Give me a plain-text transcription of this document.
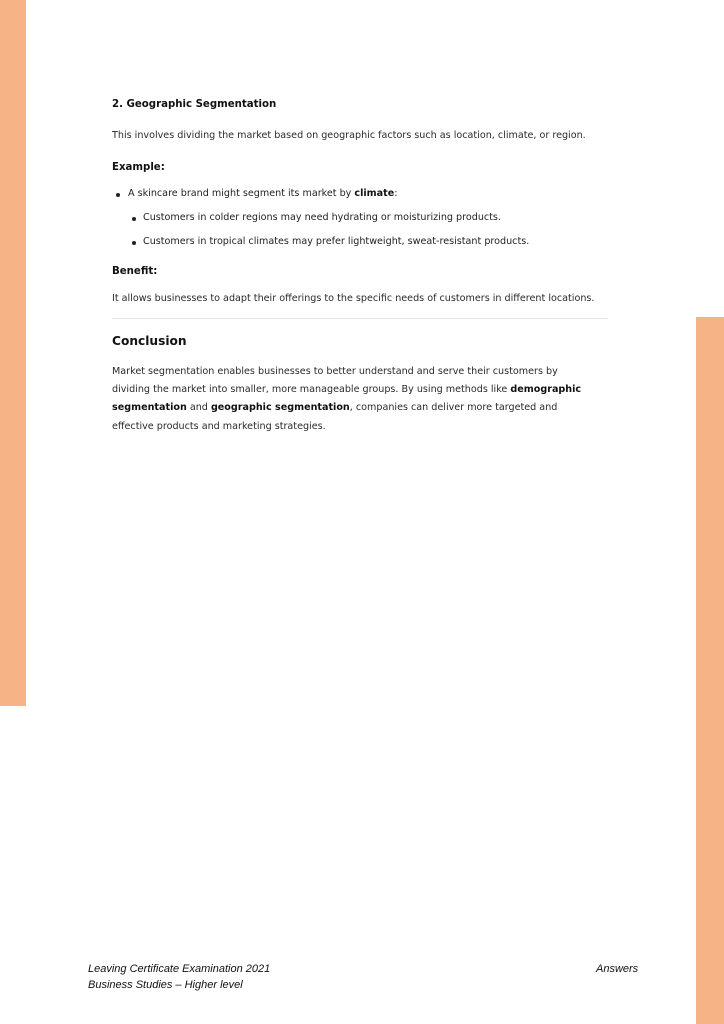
2. Geographic Segmentation

This involves dividing the market based on geographic factors such as location, climate, or region.

Example:
A skincare brand might segment its market by climate:
Customers in colder regions may need hydrating or moisturizing products.
Customers in tropical climates may prefer lightweight, sweat-resistant products.
Benefit:

It allows businesses to adapt their offerings to the specific needs of customers in different locations.

Conclusion

Market segmentation enables businesses to better understand and serve their customers by dividing the market into smaller, more manageable groups. By using methods like demographic segmentation and geographic segmentation, companies can deliver more targeted and effective products and marketing strategies.

Leaving Certificate Examination 2021
Business Studies – Higher level
Answers
